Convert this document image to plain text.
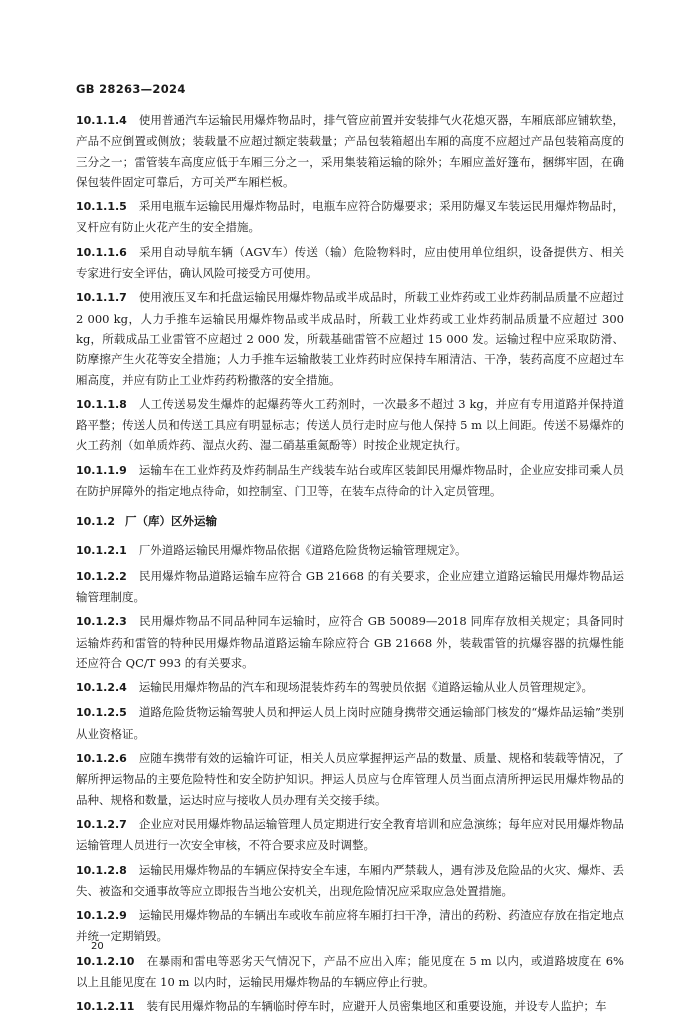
GB 28263—2024

10.1.1.4 使用普通汽车运输民用爆炸物品时，排气管应前置并安装排气火花熄灭器，车厢底部应铺软垫，产品不应倒置或侧放；装载量不应超过额定装载量；产品包装箱超出车厢的高度不应超过产品包装箱高度的三分之一；雷管装车高度应低于车厢三分之一，采用集装箱运输的除外；车厢应盖好篷布，捆绑牢固，在确保包装件固定可靠后，方可关严车厢栏板。

10.1.1.5 采用电瓶车运输民用爆炸物品时，电瓶车应符合防爆要求；采用防爆叉车装运民用爆炸物品时，叉杆应有防止火花产生的安全措施。

10.1.1.6 采用自动导航车辆（AGV车）传送（输）危险物料时，应由使用单位组织，设备提供方、相关专家进行安全评估，确认风险可接受方可使用。

10.1.1.7 使用液压叉车和托盘运输民用爆炸物品或半成品时，所载工业炸药或工业炸药制品质量不应超过 2 000 kg，人力手推车运输民用爆炸物品或半成品时，所载工业炸药或工业炸药制品质量不应超过 300 kg，所载成品工业雷管不应超过 2 000 发，所载基础雷管不应超过 15 000 发。运输过程中应采取防滑、防摩擦产生火花等安全措施；人力手推车运输散装工业炸药时应保持车厢清洁、干净，装药高度不应超过车厢高度，并应有防止工业炸药药粉撒落的安全措施。

10.1.1.8 人工传送易发生爆炸的起爆药等火工药剂时，一次最多不超过 3 kg，并应有专用道路并保持道路平整；传送人员和传送工具应有明显标志；传送人员行走时应与他人保持 5 m 以上间距。传送不易爆炸的火工药剂（如单质炸药、湿点火药、湿二硝基重氮酚等）时按企业规定执行。

10.1.1.9 运输车在工业炸药及炸药制品生产线装车站台或库区装卸民用爆炸物品时，企业应安排司乘人员在防护屏障外的指定地点待命，如控制室、门卫等，在装车点待命的计入定员管理。

10.1.2 厂（库）区外运输

10.1.2.1 厂外道路运输民用爆炸物品依据《道路危险货物运输管理规定》。

10.1.2.2 民用爆炸物品道路运输车应符合 GB 21668 的有关要求，企业应建立道路运输民用爆炸物品运输管理制度。

10.1.2.3 民用爆炸物品不同品种同车运输时，应符合 GB 50089—2018 同库存放相关规定；具备同时运输炸药和雷管的特种民用爆炸物品道路运输车除应符合 GB 21668 外，装载雷管的抗爆容器的抗爆性能还应符合 QC/T 993 的有关要求。

10.1.2.4 运输民用爆炸物品的汽车和现场混装炸药车的驾驶员依据《道路运输从业人员管理规定》。

10.1.2.5 道路危险货物运输驾驶人员和押运人员上岗时应随身携带交通运输部门核发的“爆炸品运输”类别从业资格证。

10.1.2.6 应随车携带有效的运输许可证，相关人员应掌握押运产品的数量、质量、规格和装载等情况，了解所押运物品的主要危险特性和安全防护知识。押运人员应与仓库管理人员当面点清所押运民用爆炸物品的品种、规格和数量，运达时应与接收人员办理有关交接手续。

10.1.2.7 企业应对民用爆炸物品运输管理人员定期进行安全教育培训和应急演练；每年应对民用爆炸物品运输管理人员进行一次安全审核，不符合要求应及时调整。

10.1.2.8 运输民用爆炸物品的车辆应保持安全车速，车厢内严禁载人，遇有涉及危险品的火灾、爆炸、丢失、被盗和交通事故等应立即报告当地公安机关，出现危险情况应采取应急处置措施。

10.1.2.9 运输民用爆炸物品的车辆出车或收车前应将车厢打扫干净，清出的药粉、药渣应存放在指定地点并统一定期销毁。

10.1.2.10 在暴雨和雷电等恶劣天气情况下，产品不应出入库；能见度在 5 m 以内，或道路坡度在 6% 以上且能见度在 10 m 以内时，运输民用爆炸物品的车辆应停止行驶。

10.1.2.11 装有民用爆炸物品的车辆临时停车时，应避开人员密集地区和重要设施，并设专人监护；车

20
